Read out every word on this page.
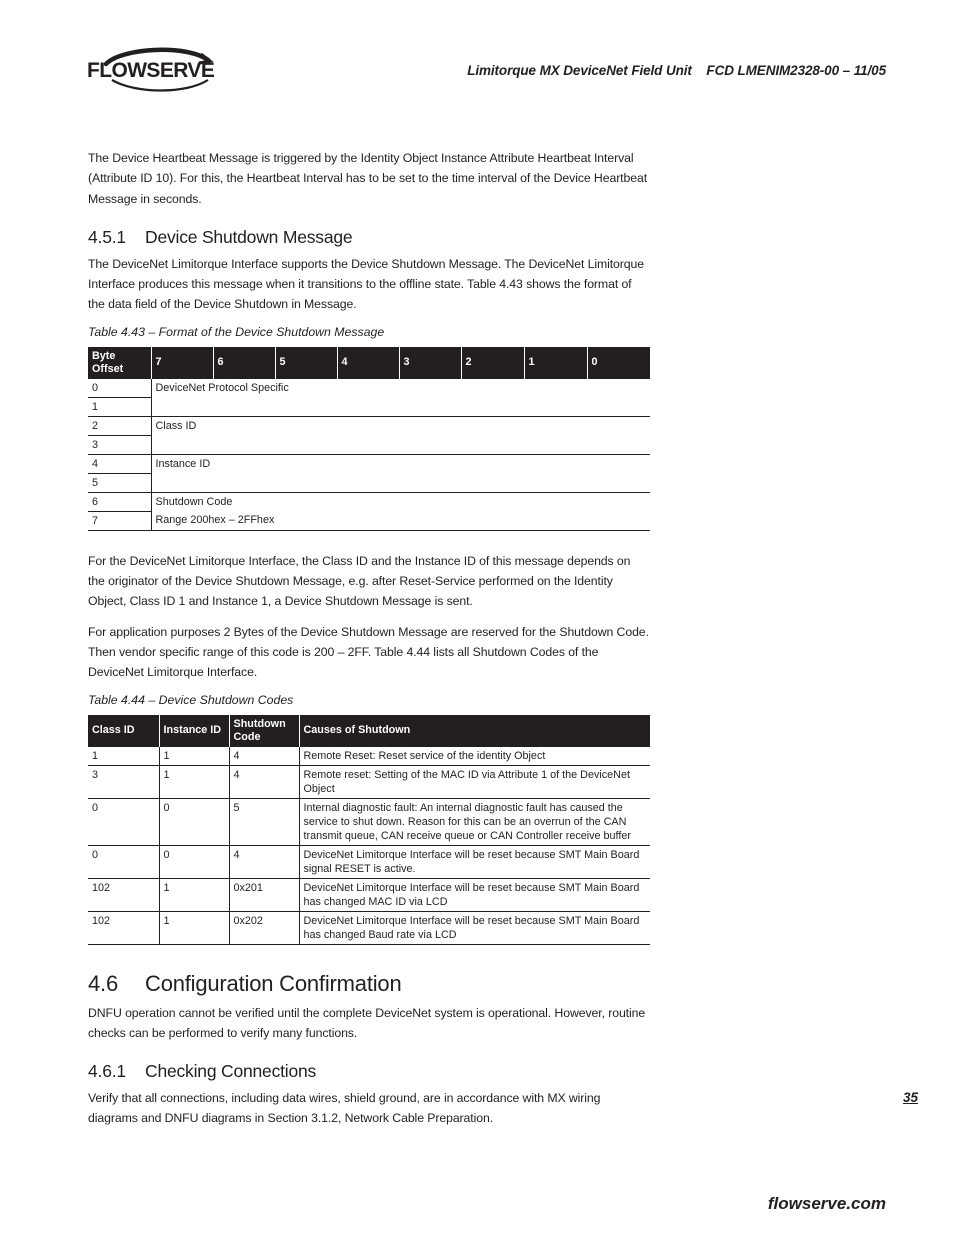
FLOWSERVE	Limitorque MX DeviceNet Field Unit    FCD LMENIM2328-00 – 11/05

The Device Heartbeat Message is triggered by the Identity Object Instance Attribute Heartbeat Interval (Attribute ID 10). For this, the Heartbeat Interval has to be set to the time interval of the Device Heartbeat Message in seconds.

4.5.1 Device Shutdown Message

The DeviceNet Limitorque Interface supports the Device Shutdown Message. The DeviceNet Limitorque Interface produces this message when it transitions to the offline state. Table 4.43 shows the format of the data field of the Device Shutdown in Message.

Table 4.43 – Format of the Device Shutdown Message
Byte
Offset	7	6	5	4	3	2	1	0
0	DeviceNet Protocol Specific							
1								
2	Class ID							
3								
4	Instance ID							
5								
6	Shutdown Code							
7	Range 200hex – 2FFhex							

For the DeviceNet Limitorque Interface, the Class ID and the Instance ID of this message depends on the originator of the Device Shutdown Message, e.g. after Reset-Service performed on the Identity Object, Class ID 1 and Instance 1, a Device Shutdown Message is sent.

For application purposes 2 Bytes of the Device Shutdown Message are reserved for the Shutdown Code. Then vendor specific range of this code is 200 – 2FF. Table 4.44 lists all Shutdown Codes of the DeviceNet Limitorque Interface.

Table 4.44 – Device Shutdown Codes
Class ID	Instance ID	Shutdown
Code	Causes of Shutdown
1	1	4	Remote Reset: Reset service of the identity Object
3	1	4	Remote reset: Setting of the MAC ID via Attribute 1 of the DeviceNet Object
0	0	5	Internal diagnostic fault: An internal diagnostic fault has caused the service to shut down. Reason for this can be an overrun of the CAN transmit queue, CAN receive queue or CAN Controller receive buffer
0	0	4	DeviceNet Limitorque Interface will be reset because SMT Main Board signal RESET is active.
102	1	0x201	DeviceNet Limitorque Interface will be reset because SMT Main Board has changed MAC ID via LCD
102	1	0x202	DeviceNet Limitorque Interface will be reset because SMT Main Board has changed Baud rate via LCD
4.6 Configuration Confirmation

DNFU operation cannot be verified until the complete DeviceNet system is operational. However, routine checks can be performed to verify many functions.

4.6.1 Checking Connections

Verify that all connections, including data wires, shield ground, are in accordance with MX wiring diagrams and DNFU diagrams in Section 3.1.2, Network Cable Preparation.

35
flowserve.com
